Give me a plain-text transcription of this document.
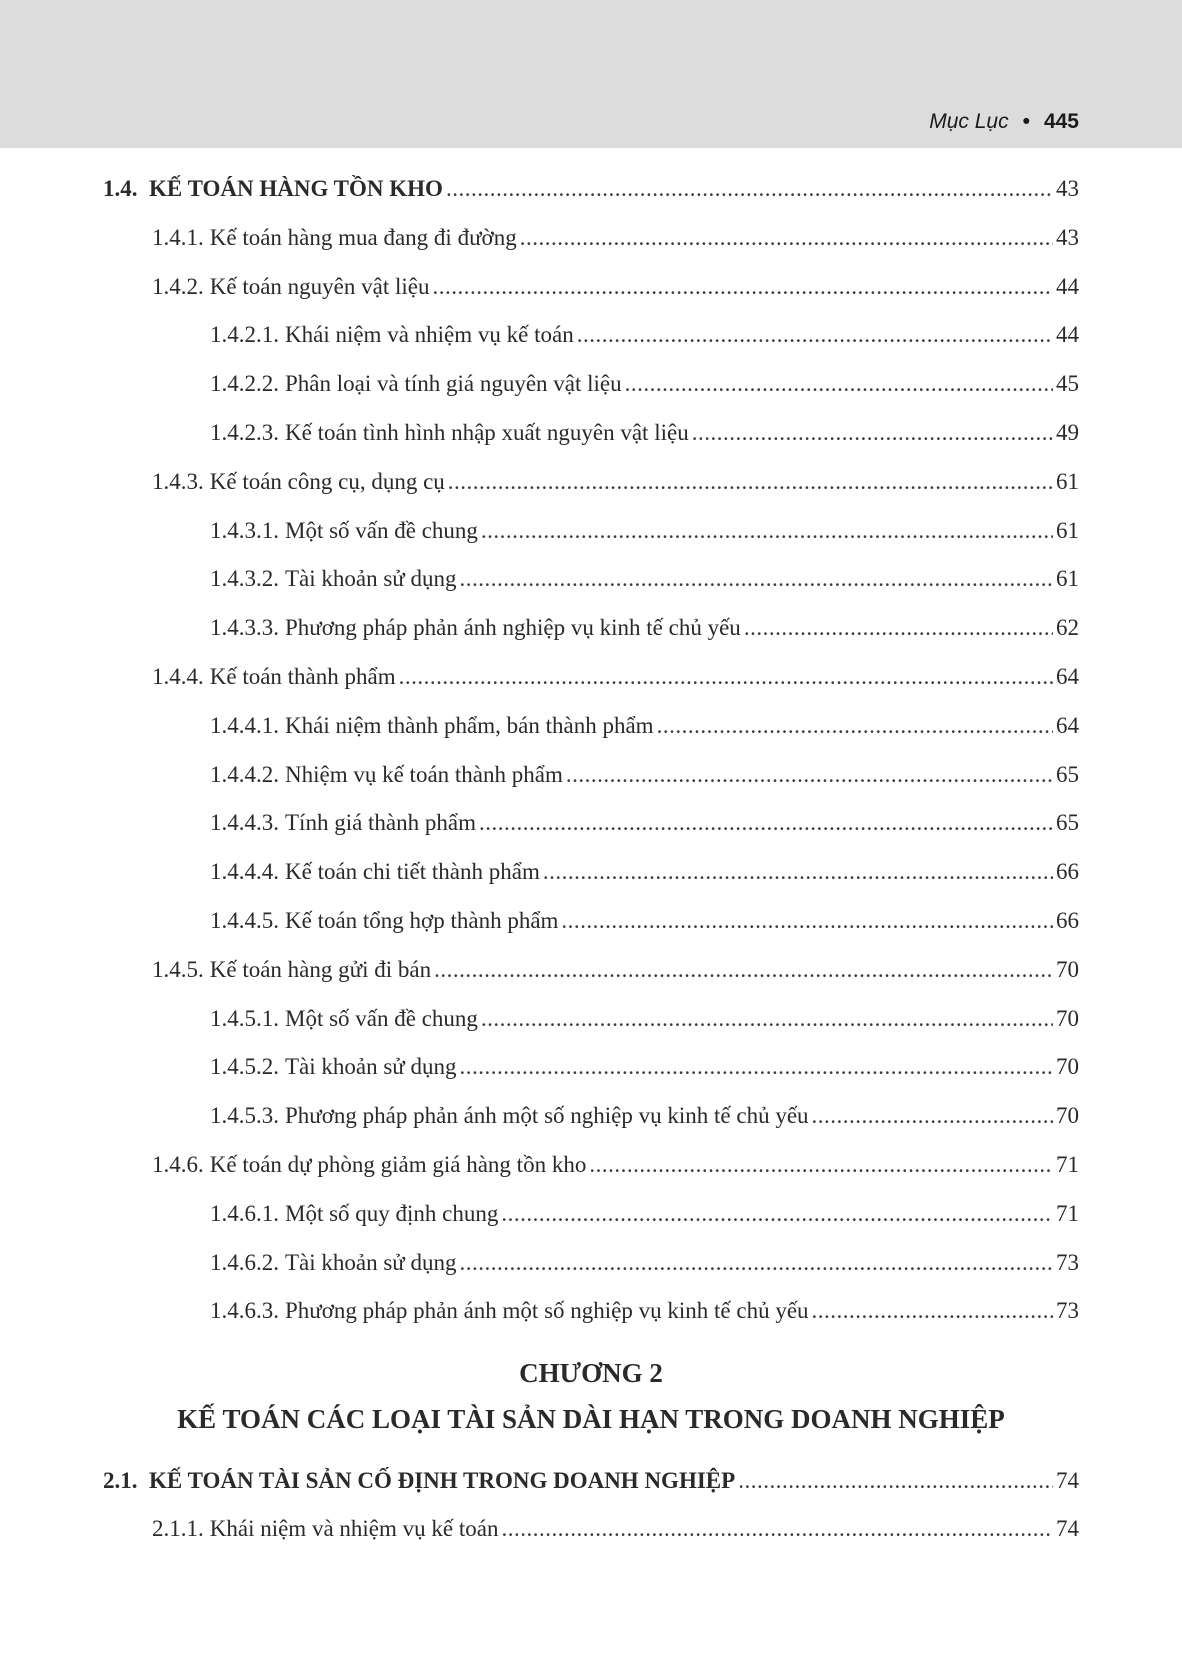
Mục Lục • 445
1.4. KẾ TOÁN HÀNG TỒN KHO .....	43
1.4.1. Kế toán hàng mua đang đi đường .....	43
1.4.2. Kế toán nguyên vật liệu .....	44
1.4.2.1. Khái niệm và nhiệm vụ kế toán .....	44
1.4.2.2. Phân loại và tính giá nguyên vật liệu .....	45
1.4.2.3. Kế toán tình hình nhập xuất nguyên vật liệu .....	49
1.4.3. Kế toán công cụ, dụng cụ .....	61
1.4.3.1. Một số vấn đề chung .....	61
1.4.3.2. Tài khoản sử dụng .....	61
1.4.3.3. Phương pháp phản ánh nghiệp vụ kinh tế chủ yếu .....	62
1.4.4. Kế toán thành phẩm .....	64
1.4.4.1. Khái niệm thành phẩm, bán thành phẩm .....	64
1.4.4.2. Nhiệm vụ kế toán thành phẩm .....	65
1.4.4.3. Tính giá thành phẩm .....	65
1.4.4.4. Kế toán chi tiết thành phẩm .....	66
1.4.4.5. Kế toán tổng hợp thành phẩm .....	66
1.4.5. Kế toán hàng gửi đi bán .....	70
1.4.5.1. Một số vấn đề chung .....	70
1.4.5.2. Tài khoản sử dụng .....	70
1.4.5.3. Phương pháp phản ánh một số nghiệp vụ kinh tế chủ yếu .....	70
1.4.6. Kế toán dự phòng giảm giá hàng tồn kho .....	71
1.4.6.1. Một số quy định chung .....	71
1.4.6.2. Tài khoản sử dụng .....	73
1.4.6.3. Phương pháp phản ánh một số nghiệp vụ kinh tế chủ yếu .....	73
2.1. KẾ TOÁN TÀI SẢN CỐ ĐỊNH TRONG DOANH NGHIỆP .....	74
2.1.1. Khái niệm và nhiệm vụ kế toán .....	74
CHƯƠNG 2
KẾ TOÁN CÁC LOẠI TÀI SẢN DÀI HẠN TRONG DOANH NGHIỆP
